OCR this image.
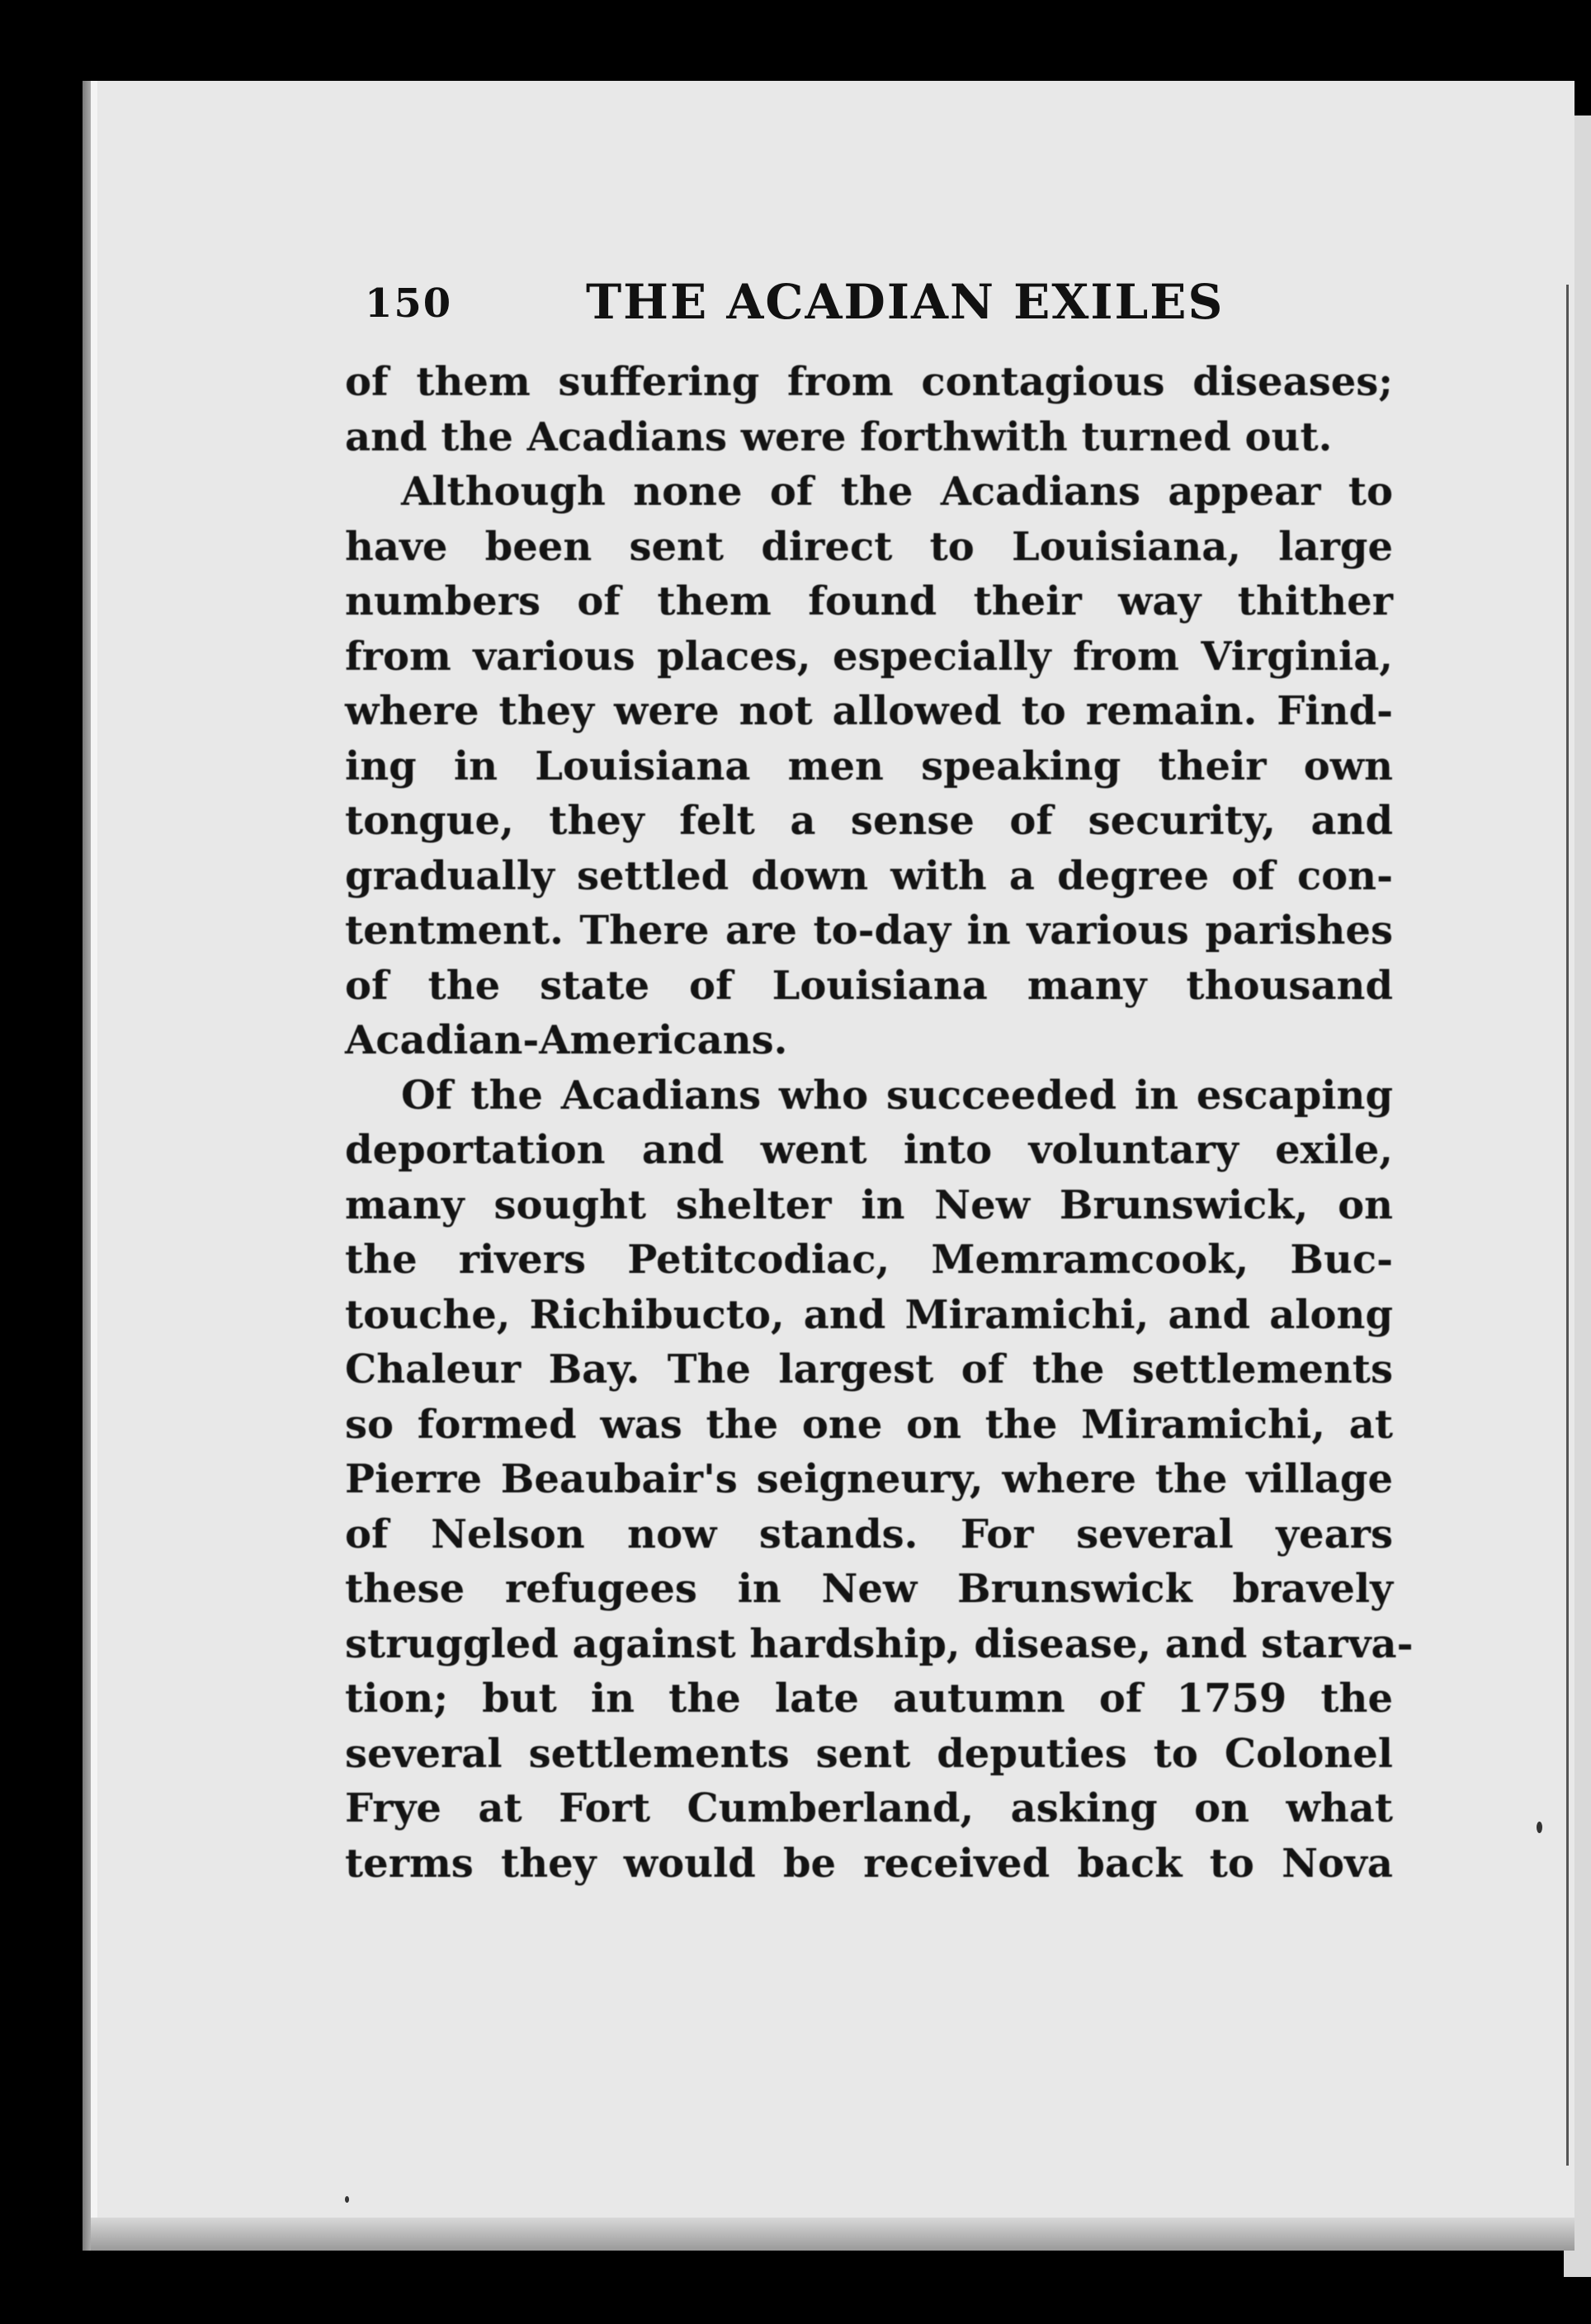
150	THE ACADIAN EXILES
of them suffering from contagious diseases;
and the Acadians were forthwith turned out.
Although none of the Acadians appear to
have been sent direct to Louisiana, large
numbers of them found their way thither
from various places, especially from Virginia,
where they were not allowed to remain. Find-
ing in Louisiana men speaking their own
tongue, they felt a sense of security, and
gradually settled down with a degree of con-
tentment. There are to-day in various parishes
of the state of Louisiana many thousand
Acadian-Americans.
Of the Acadians who succeeded in escaping
deportation and went into voluntary exile,
many sought shelter in New Brunswick, on
the rivers Petitcodiac, Memramcook, Buc-
touche, Richibucto, and Miramichi, and along
Chaleur Bay. The largest of the settlements
so formed was the one on the Miramichi, at
Pierre Beaubair's seigneury, where the village
of Nelson now stands. For several years
these refugees in New Brunswick bravely
struggled against hardship, disease, and starva-
tion; but in the late autumn of 1759 the
several settlements sent deputies to Colonel
Frye at Fort Cumberland, asking on what
terms they would be received back to Nova
